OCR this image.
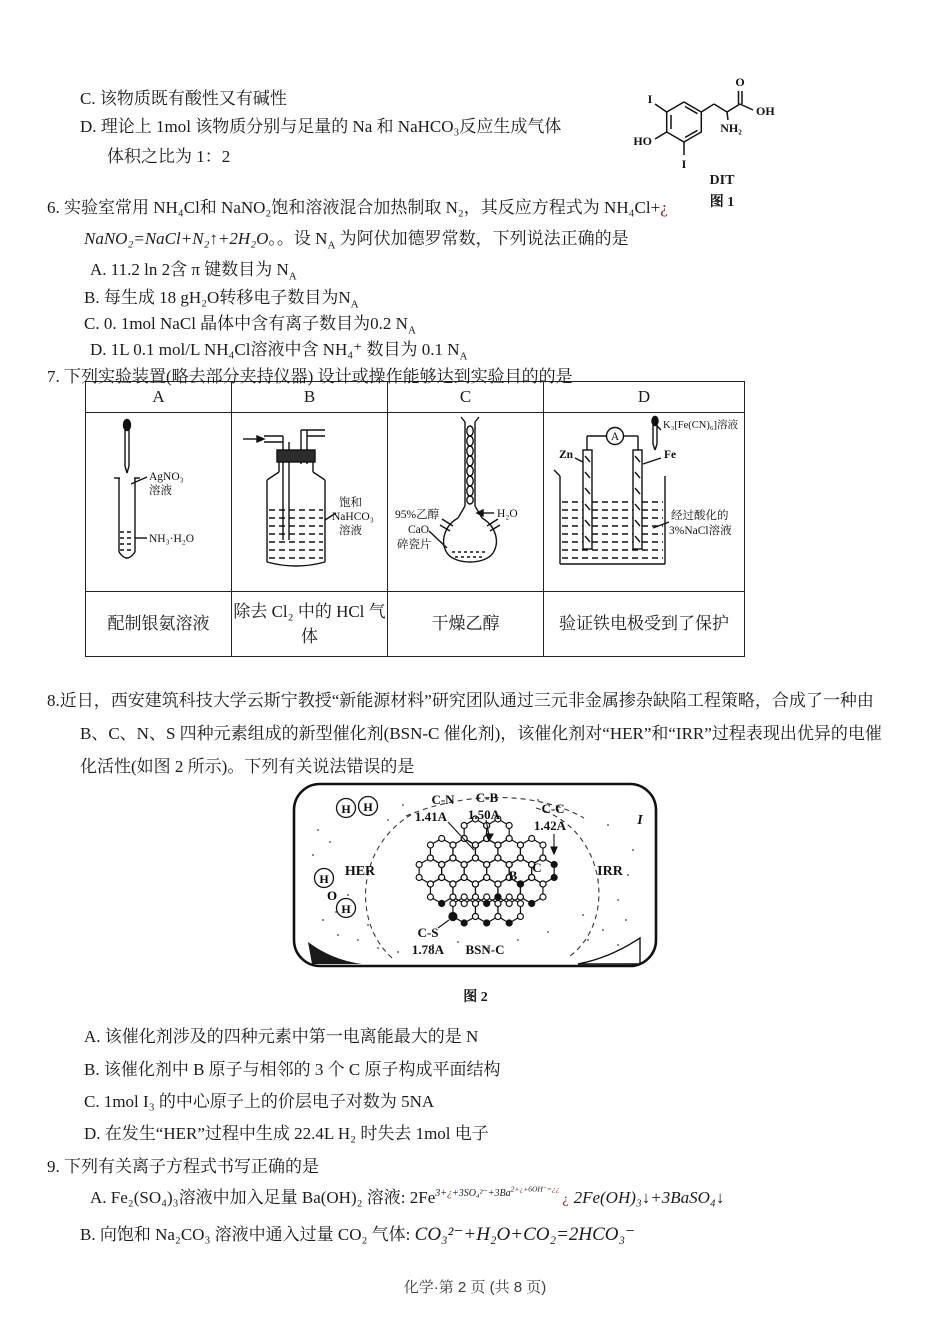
C. 该物质既有酸性又有碱性
D. 理论上 1mol 该物质分别与足量的 Na 和 NaHCO₃反应生成气体
体积之比为 1：2
I
HO
I
O
OH
NH₂
DIT
图 1
6. 实验室常用 NH₄Cl和 NaNO₂饱和溶液混合加热制取 N₂，其反应方程式为 NH₄Cl+¿
NaNO₂=NaCl+N₂↑+2H₂O。。设 $N_A$ 为阿伏加德罗常数，下列说法正确的是
A. 11.2 ln 2含 π 键数目为 $N_A$
B. 每生成 18 gH₂O转移电子数目为$N_A$
C. 0. 1mol NaCl 晶体中含有离子数目为0.2 $N_A$
D. 1L 0.1 mol/L NH₄Cl溶液中含 NH₄⁺ 数目为 0.1 $N_A$
7. 下列实验装置(略去部分夹持仪器) 设计或操作能够达到实验目的的是
A	B	C	D

AgNO₃
溶液
NH₃·H₂O

饱和
NaHCO₃
溶液

95%乙醇
CaO
碎瓷片
H₂O

Zn	Fe
A
K₃[Fe(CN)₆]溶液
经过酸化的
3%NaCl溶液

配制银氨溶液	除去 Cl₂ 中的 HCl 气体	干燥乙醇	验证铁电极受到了保护
8.近日，西安建筑科技大学云斯宁教授“新能源材料”研究团队通过三元非金属掺杂缺陷工程策略，合成了一种由
B、C、N、S 四种元素组成的新型催化剂(BSN-C 催化剂)，该催化剂对“HER”和“IRR”过程表现出优异的电催
化活性(如图 2 所示)。下列有关说法错误的是
C-N
1.41A
C-B
1.50A	C-C
1.42A
C-S
1.78A BSN-C
B
C
H H
H
H
O
HER	IRR
I
图 2
A. 该催化剂涉及的四种元素中第一电离能最大的是 N
B. 该催化剂中 B 原子与相邻的 3 个 C 原子构成平面结构
C. 1mol I₃ 的中心原子上的价层电子对数为 5NA
D. 在发生“HER”过程中生成 22.4L H₂ 时失去 1mol 电子
9. 下列有关离子方程式书写正确的是
A. Fe₂(SO₄)₃溶液中加入足量 Ba(OH)₂ 溶液: $2Fe^{3+¿+3SO_4^{2-}+3Ba^{2+¿+6OH^-=¿¿}}¿$ 2Fe(OH)₃↓+3BaSO₄↓
B. 向饱和 Na₂CO₃ 溶液中通入过量 CO₂ 气体: CO₃²⁻+H₂O+CO₂=2HCO₃⁻
化学·第 2 页 (共 8 页)
